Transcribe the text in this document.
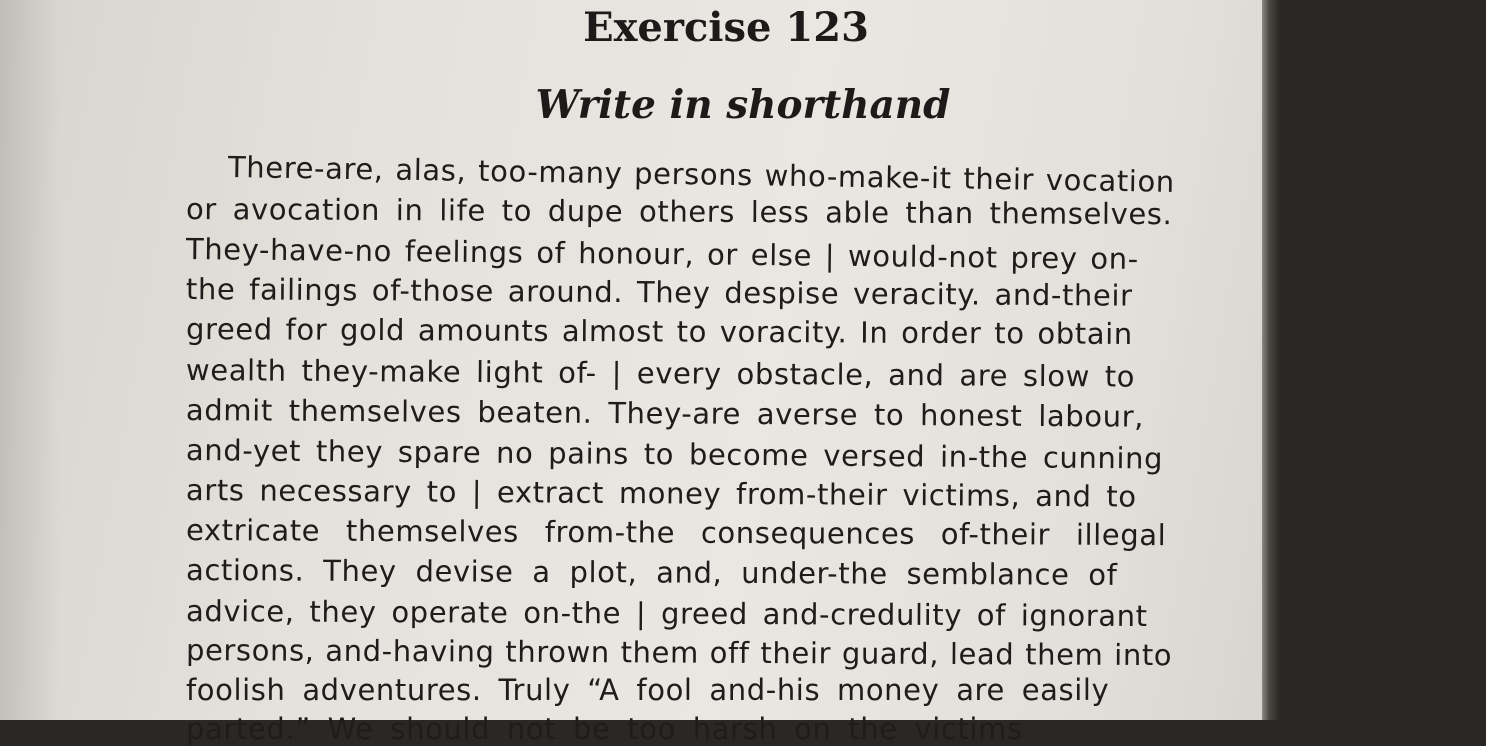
Exercise 123
Write in shorthand
There-are, alas, too-many persons who-make-it their vocation
or avocation in life to dupe others less able than themselves.
They-have-no feelings of honour, or else | would-not prey on-
the failings of-those around. They despise veracity. and-their
greed for gold amounts almost to voracity. In order to obtain
wealth they-make light of- | every obstacle, and are slow to
admit themselves beaten. They-are averse to honest labour,
and-yet they spare no pains to become versed in-the cunning
arts necessary to | extract money from-their victims, and to
extricate themselves from-the consequences of-their illegal
actions. They devise a plot, and, under-the semblance of
advice, they operate on-the | greed and-credulity of ignorant
persons, and-having thrown them off their guard, lead them into
foolish adventures. Truly “A fool and-his money are easily
parted.” We should not be too harsh on the victims
